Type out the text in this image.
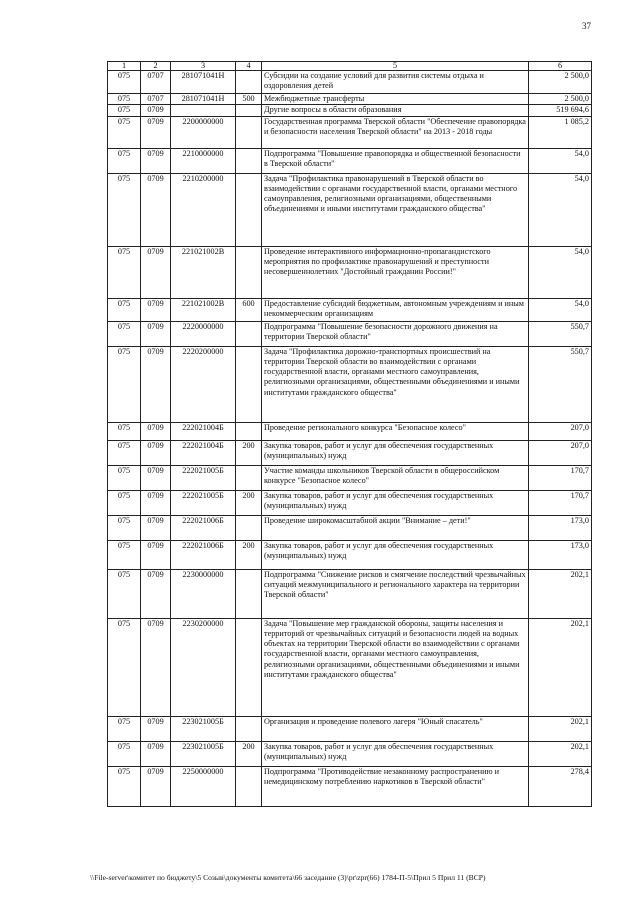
37
1	2	3	4	5	6
075	0707	281071041Н		Субсидии на создание условий для развития системы отдыха и оздоровления детей	2 500,0
075	0707	281071041Н	500	Межбюджетные трансферты	2 500,0
075	0709			Другие вопросы в области образования	519 694,6
075	0709	2200000000		Государственная программа Тверской области "Обеспечение правопорядка и безопасности населения Тверской области" на 2013 - 2018 годы	1 085,2
075	0709	2210000000		Подпрограмма "Повышение правопорядка и общественной безопасности в Тверской области"	54,0
075	0709	2210200000		Задача "Профилактика правонарушений в Тверской области во взаимодействии с органами государственной власти, органами местного самоуправления, религиозными организациями, общественными объединениями и иными институтами гражданского общества"	54,0
075	0709	221021002В		Проведение интерактивного информационно-пропагандистского мероприятия по профилактике правонарушений и преступности несовершеннолетних "Достойный гражданин России!"	54,0
075	0709	221021002В	600	Предоставление субсидий бюджетным, автономным учреждениям и иным некоммерческим организациям	54,0
075	0709	2220000000		Подпрограмма "Повышение безопасности дорожного движения на территории Тверской области"	550,7
075	0709	2220200000		Задача "Профилактика дорожно-транспортных происшествий на территории Тверской области во взаимодействии с органами государственной власти, органами местного самоуправления, религиозными организациями, общественными объединениями и иными институтами гражданского общества"	550,7
075	0709	222021004Б		Проведение регионального конкурса "Безопасное колесо"	207,0
075	0709	222021004Б	200	Закупка товаров, работ и услуг для обеспечения государственных (муниципальных) нужд	207,0
075	0709	222021005Б		Участие команды школьников Тверской области в общероссийском конкурсе "Безопасное колесо"	170,7
075	0709	222021005Б	200	Закупка товаров, работ и услуг для обеспечения государственных (муниципальных) нужд	170,7
075	0709	222021006Б		Проведение широкомасштабной акции "Внимание – дети!"	173,0
075	0709	222021006Б	200	Закупка товаров, работ и услуг для обеспечения государственных (муниципальных) нужд	173,0
075	0709	2230000000		Подпрограмма "Снижение рисков и смягчение последствий чрезвычайных ситуаций межмуниципального и регионального характера на территории Тверской области"	202,1
075	0709	2230200000		Задача "Повышение мер гражданской обороны, защиты населения и территорий от чрезвычайных ситуаций и безопасности людей на водных объектах на территории Тверской области во взаимодействии с органами государственной власти, органами местного самоуправления, религиозными организациями, общественными объединениями и иными институтами гражданского общества"	202,1
075	0709	223021005Б		Организация и проведение полевого лагеря "Юный спасатель"	202,1
075	0709	223021005Б	200	Закупка товаров, работ и услуг для обеспечения государственных (муниципальных) нужд	202,1
075	0709	2250000000		Подпрограмма "Противодействие незаконному распространению и немедицинскому потреблению наркотиков в Тверской области"	278,4
\\File-server\комитет по бюджету\5 Созыв\документы комитета\66 заседание (3)\pr\zpr(66) 1784-П-5\Прил 5 Прил 11 (ВСР)
